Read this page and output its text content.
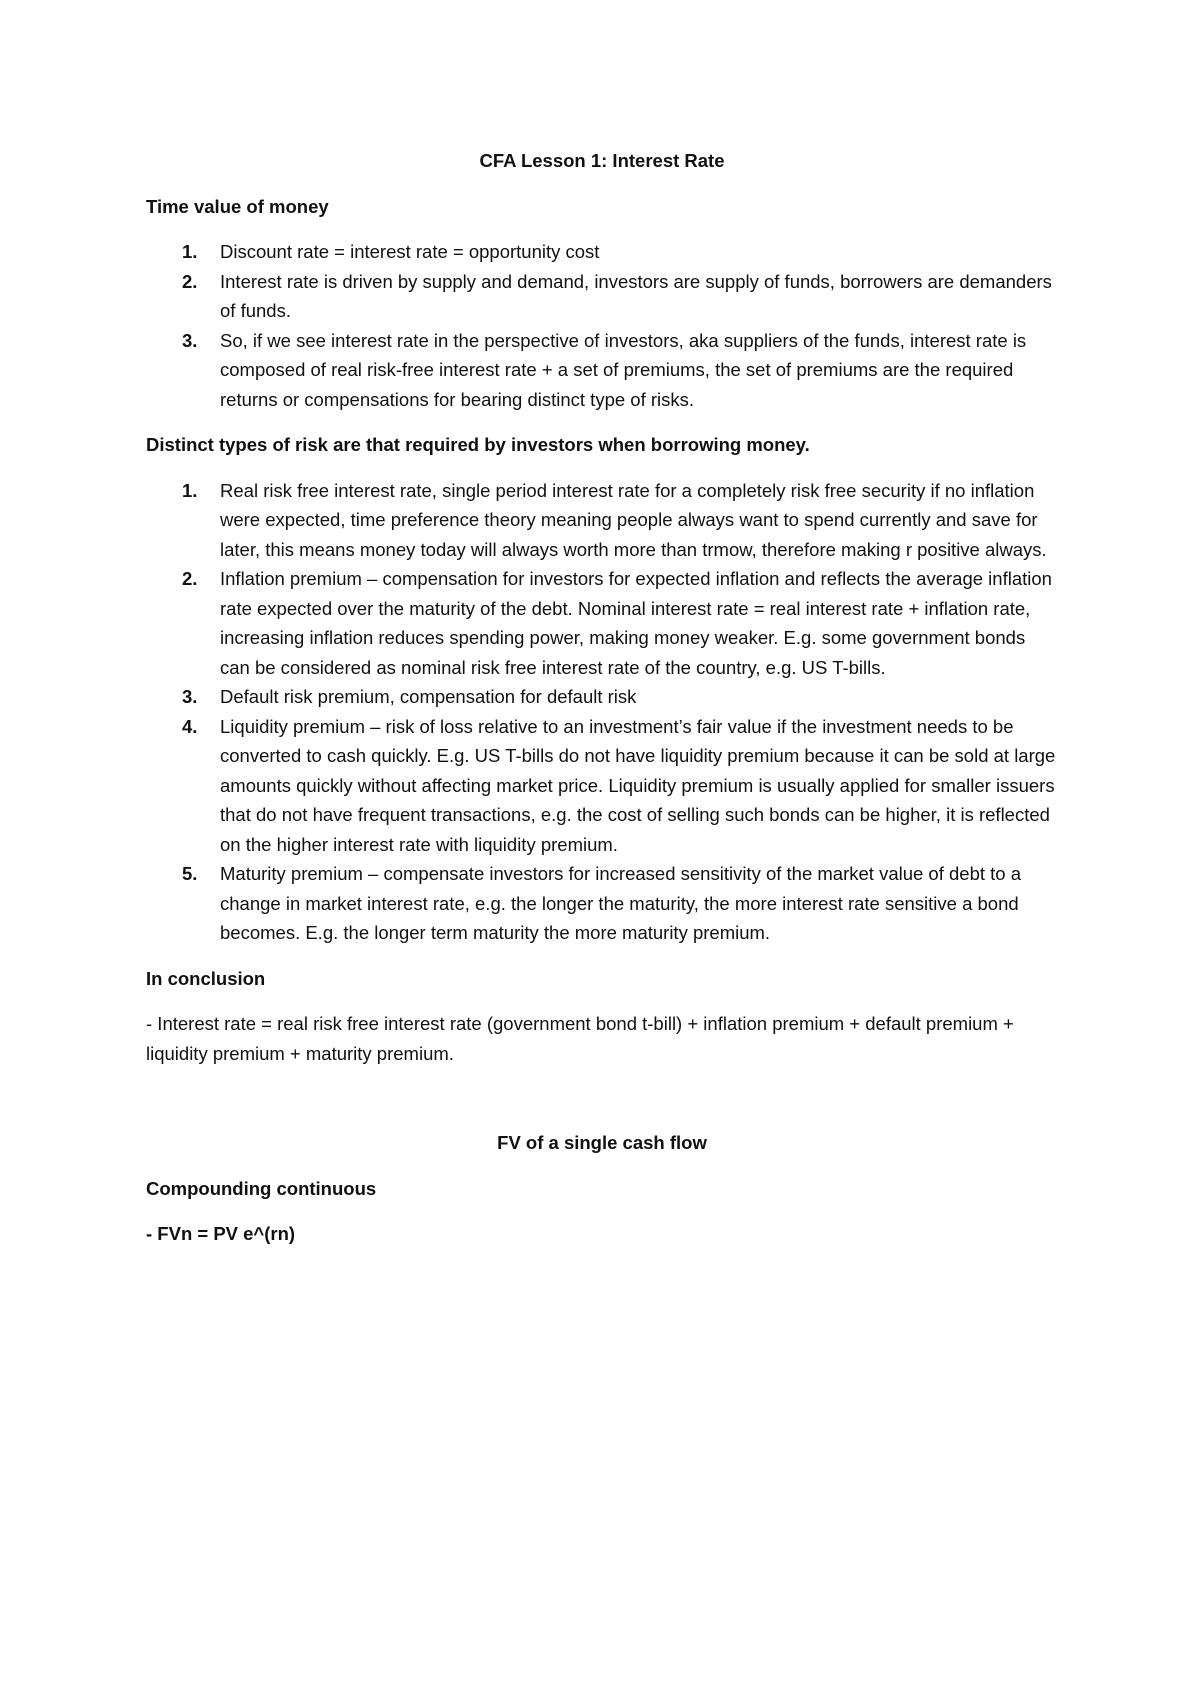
CFA Lesson 1: Interest Rate
Time value of money
1. Discount rate = interest rate = opportunity cost
2. Interest rate is driven by supply and demand, investors are supply of funds, borrowers are demanders of funds.
3. So, if we see interest rate in the perspective of investors, aka suppliers of the funds, interest rate is composed of real risk-free interest rate + a set of premiums, the set of premiums are the required returns or compensations for bearing distinct type of risks.
Distinct types of risk are that required by investors when borrowing money.
1. Real risk free interest rate, single period interest rate for a completely risk free security if no inflation were expected, time preference theory meaning people always want to spend currently and save for later, this means money today will always worth more than trmow, therefore making r positive always.
2. Inflation premium – compensation for investors for expected inflation and reflects the average inflation rate expected over the maturity of the debt. Nominal interest rate = real interest rate + inflation rate, increasing inflation reduces spending power, making money weaker. E.g. some government bonds can be considered as nominal risk free interest rate of the country, e.g. US T-bills.
3. Default risk premium, compensation for default risk
4. Liquidity premium – risk of loss relative to an investment’s fair value if the investment needs to be converted to cash quickly. E.g. US T-bills do not have liquidity premium because it can be sold at large amounts quickly without affecting market price. Liquidity premium is usually applied for smaller issuers that do not have frequent transactions, e.g. the cost of selling such bonds can be higher, it is reflected on the higher interest rate with liquidity premium.
5. Maturity premium – compensate investors for increased sensitivity of the market value of debt to a change in market interest rate, e.g. the longer the maturity, the more interest rate sensitive a bond becomes. E.g. the longer term maturity the more maturity premium.
In conclusion
- Interest rate = real risk free interest rate (government bond t-bill) + inflation premium + default premium + liquidity premium + maturity premium.
FV of a single cash flow
Compounding continuous
- FVn = PV e^(rn)
